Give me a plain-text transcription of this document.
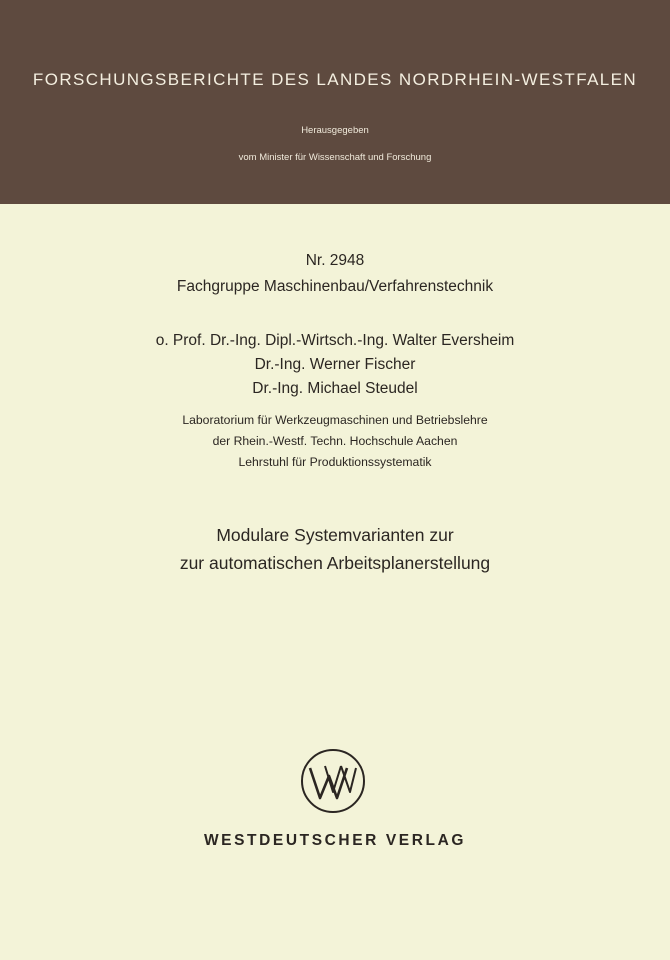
FORSCHUNGSBERICHTE DES LANDES NORDRHEIN-WESTFALEN
Herausgegeben
vom Minister für Wissenschaft und Forschung
Nr. 2948
Fachgruppe Maschinenbau/Verfahrenstechnik
o. Prof. Dr.-Ing. Dipl.-Wirtsch.-Ing. Walter Eversheim
Dr.-Ing. Werner Fischer
Dr.-Ing. Michael Steudel
Laboratorium für Werkzeugmaschinen und Betriebslehre
der Rhein.-Westf. Techn. Hochschule Aachen
Lehrstuhl für Produktionssystematik
Modulare Systemvarianten zur
zur automatischen Arbeitsplanerstellung
WESTDEUTSCHER VERLAG
